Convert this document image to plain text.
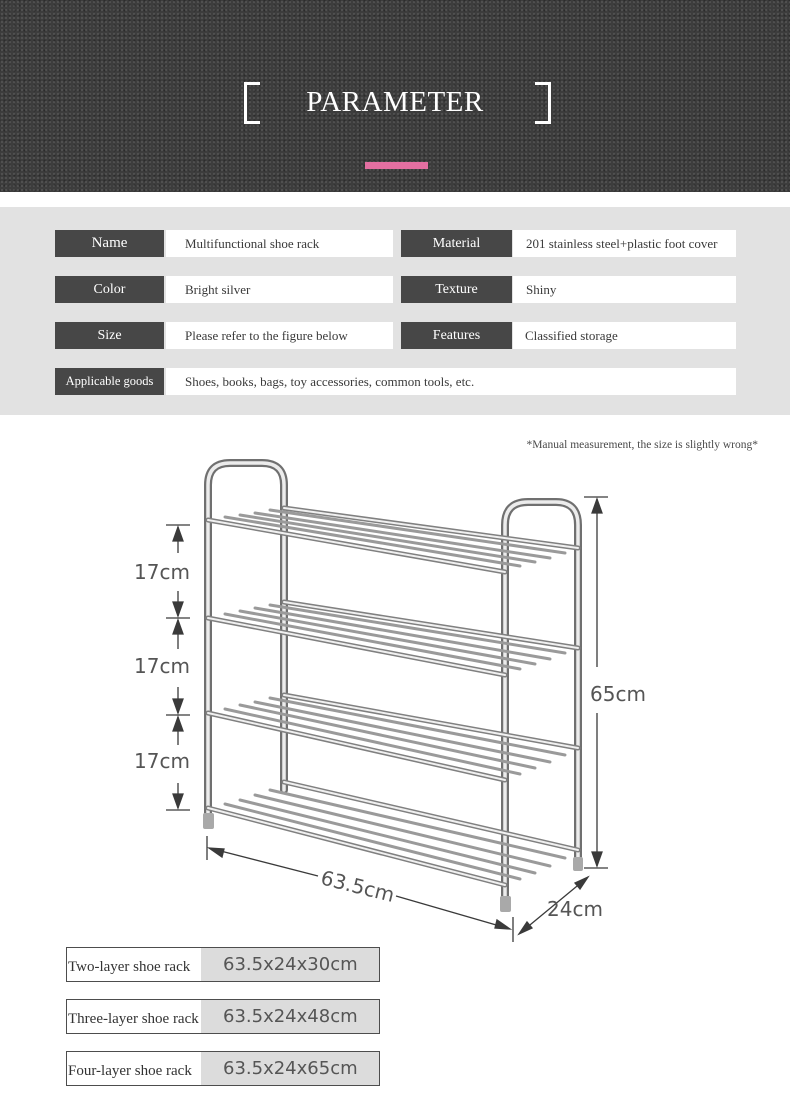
PARAMETER
Name	Multifunctional shoe rack	Material	201 stainless steel+plastic foot cover
Color	Bright silver	Texture	Shiny
Size	Please refer to the figure below	Features	Classified storage
Applicable goods	Shoes, books, bags, toy accessories, common tools, etc.
*Manual measurement, the size is slightly wrong*
17cm
17cm
17cm
65cm
63.5cm
24cm
Two-layer shoe rack	63.5x24x30cm
Three-layer shoe rack	63.5x24x48cm
Four-layer shoe rack	63.5x24x65cm
